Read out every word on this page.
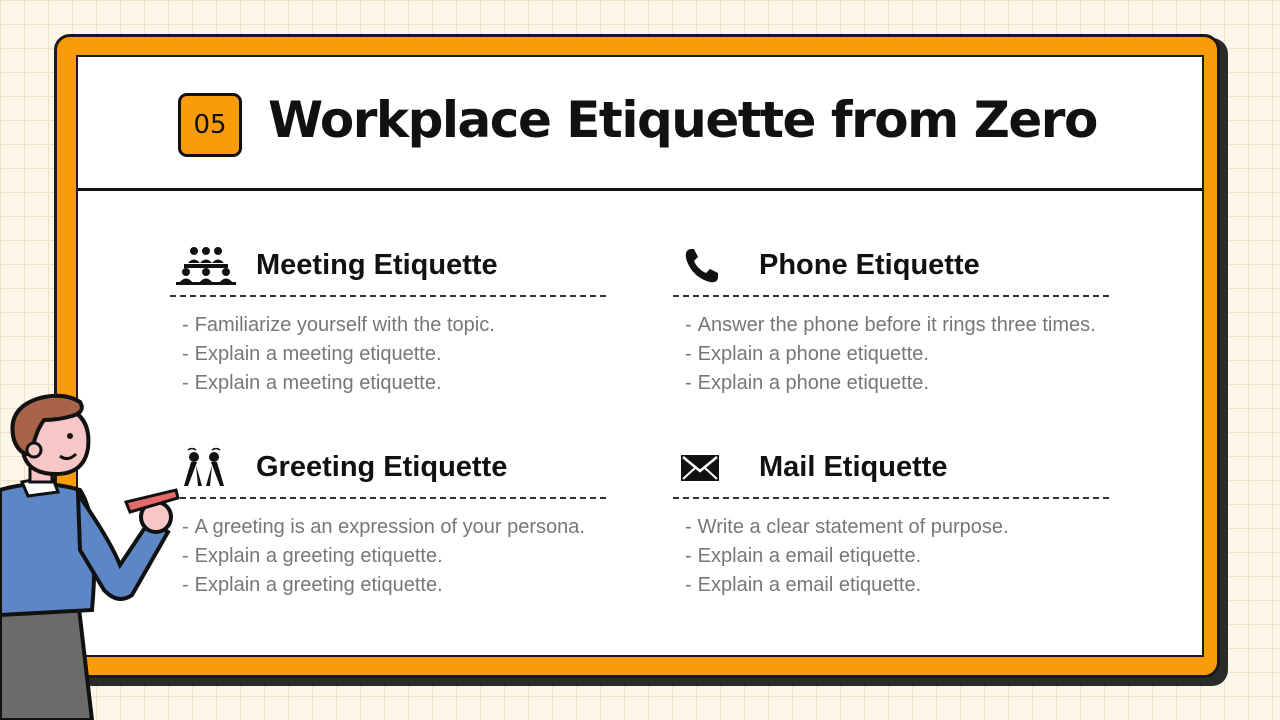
05 Workplace Etiquette from Zero
Meeting Etiquette
- Familiarize yourself with the topic.
- Explain a meeting etiquette.
- Explain a meeting etiquette.
Phone Etiquette
- Answer the phone before it rings three times.
- Explain a phone etiquette.
- Explain a phone etiquette.
Greeting Etiquette
- A greeting is an expression of your persona.
- Explain a greeting etiquette.
- Explain a greeting etiquette.
Mail Etiquette
- Write a clear statement of purpose.
- Explain a email etiquette.
- Explain a email etiquette.
